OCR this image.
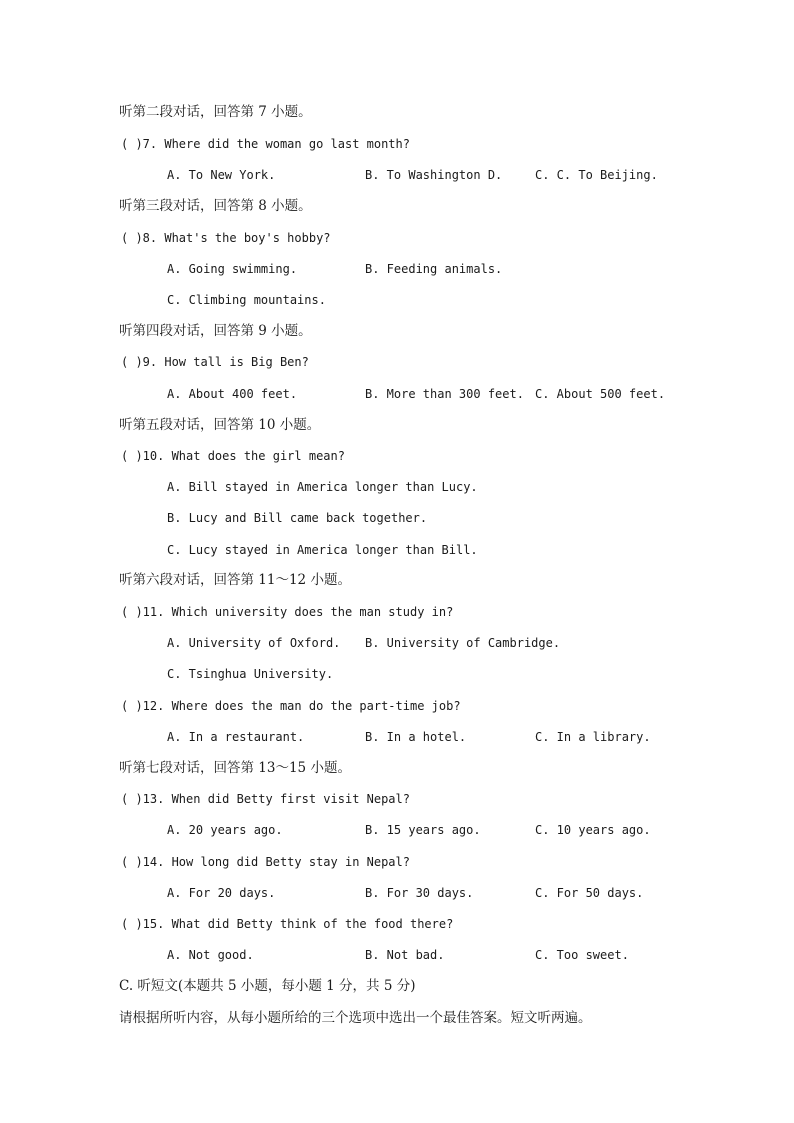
听第二段对话，回答第 7 小题。
( )7. Where did the woman go last month?
A. To New York.	B. To Washington D.	C. C. To Beijing.
听第三段对话，回答第 8 小题。
( )8. What's the boy's hobby?
A. Going swimming.	B. Feeding animals.
C. Climbing mountains.
听第四段对话，回答第 9 小题。
( )9. How tall is Big Ben?
A. About 400 feet.	B. More than 300 feet. C. About 500 feet.
听第五段对话，回答第 10 小题。
( )10. What does the girl mean?
A. Bill stayed in America longer than Lucy.
B. Lucy and Bill came back together.
C. Lucy stayed in America longer than Bill.
听第六段对话，回答第 11～12 小题。
( )11. Which university does the man study in?
A. University of Oxford. B. University of Cambridge.
C. Tsinghua University.
( )12. Where does the man do the part-time job?
A. In a restaurant.	B. In a hotel.	C. In a library.
听第七段对话，回答第 13～15 小题。
( )13. When did Betty first visit Nepal?
A. 20 years ago.	B. 15 years ago.	C. 10 years ago.
( )14. How long did Betty stay in Nepal?
A. For 20 days.	B. For 30 days.	C. For 50 days.
( )15. What did Betty think of the food there?
A. Not good.	B. Not bad.	C. Too sweet.
C. 听短文(本题共 5 小题，每小题 1 分，共 5 分)
请根据所听内容，从每小题所给的三个选项中选出一个最佳答案。短文听两遍。
